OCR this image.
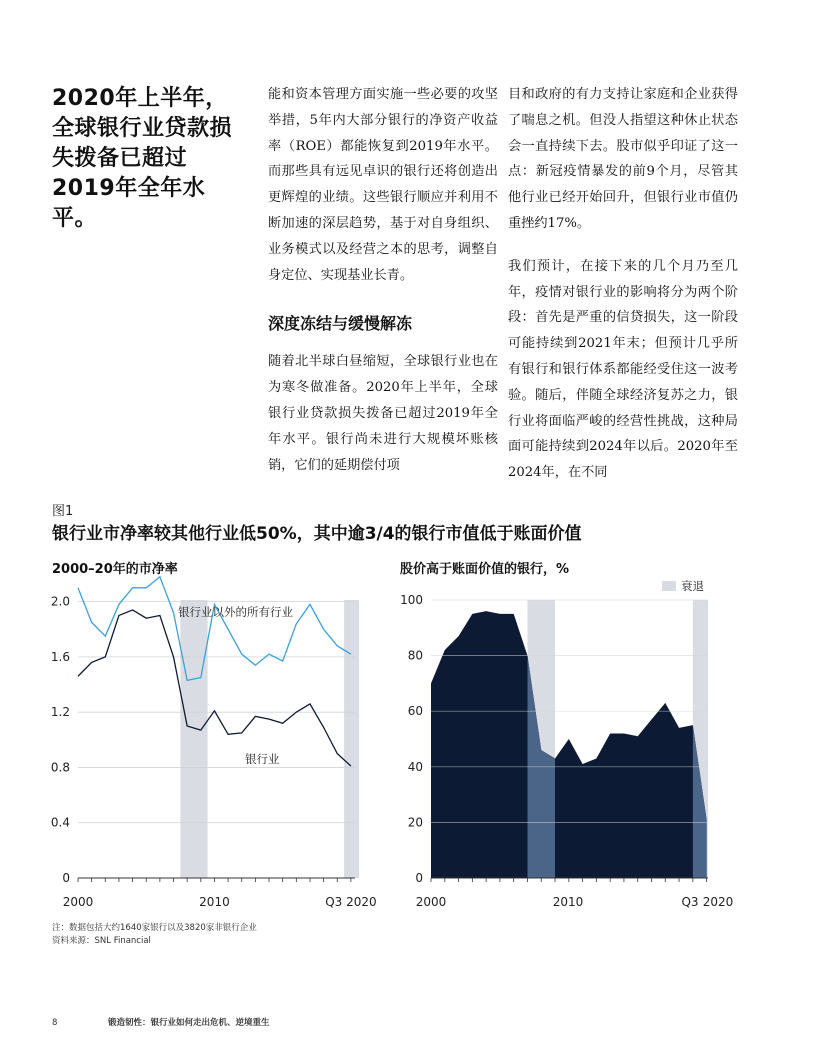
2020年上半年，全球银行业贷款损失拨备已超过2019年全年水平。

能和资本管理方面实施一些必要的攻坚举措，5年内大部分银行的净资产收益率（ROE）都能恢复到2019年水平。而那些具有远见卓识的银行还将创造出更辉煌的业绩。这些银行顺应并利用不断加速的深层趋势，基于对自身组织、业务模式以及经营之本的思考，调整自身定位、实现基业长青。

深度冻结与缓慢解冻

随着北半球白昼缩短，全球银行业也在为寒冬做准备。2020年上半年，全球银行业贷款损失拨备已超过2019年全年水平。银行尚未进行大规模坏账核销，它们的延期偿付项

目和政府的有力支持让家庭和企业获得了喘息之机。但没人指望这种休止状态会一直持续下去。股市似乎印证了这一点：新冠疫情暴发的前9个月，尽管其他行业已经开始回升，但银行业市值仍重挫约17%。

我们预计，在接下来的几个月乃至几年，疫情对银行业的影响将分为两个阶段：首先是严重的信贷损失，这一阶段可能持续到2021年末；但预计几乎所有银行和银行体系都能经受住这一波考验。随后，伴随全球经济复苏之力，银行业将面临严峻的经营性挑战，这种局面可能持续到2024年以后。2020年至2024年，在不同

图1
银行业市净率较其他行业低50%，其中逾3/4的银行市值低于账面价值
2000–20年的市净率	股价高于账面价值的银行，%
0
0.4
0.8
1.2
1.6
2.0
2000	2010	Q3 2020
银行业以外的所有行业
银行业
衰退
0
20
40
60
80
100
2000	2010	Q3 2020
注：数据包括大约1640家银行以及3820家非银行企业
资料来源：SNL Financial
8	锻造韧性：银行业如何走出危机、逆境重生
